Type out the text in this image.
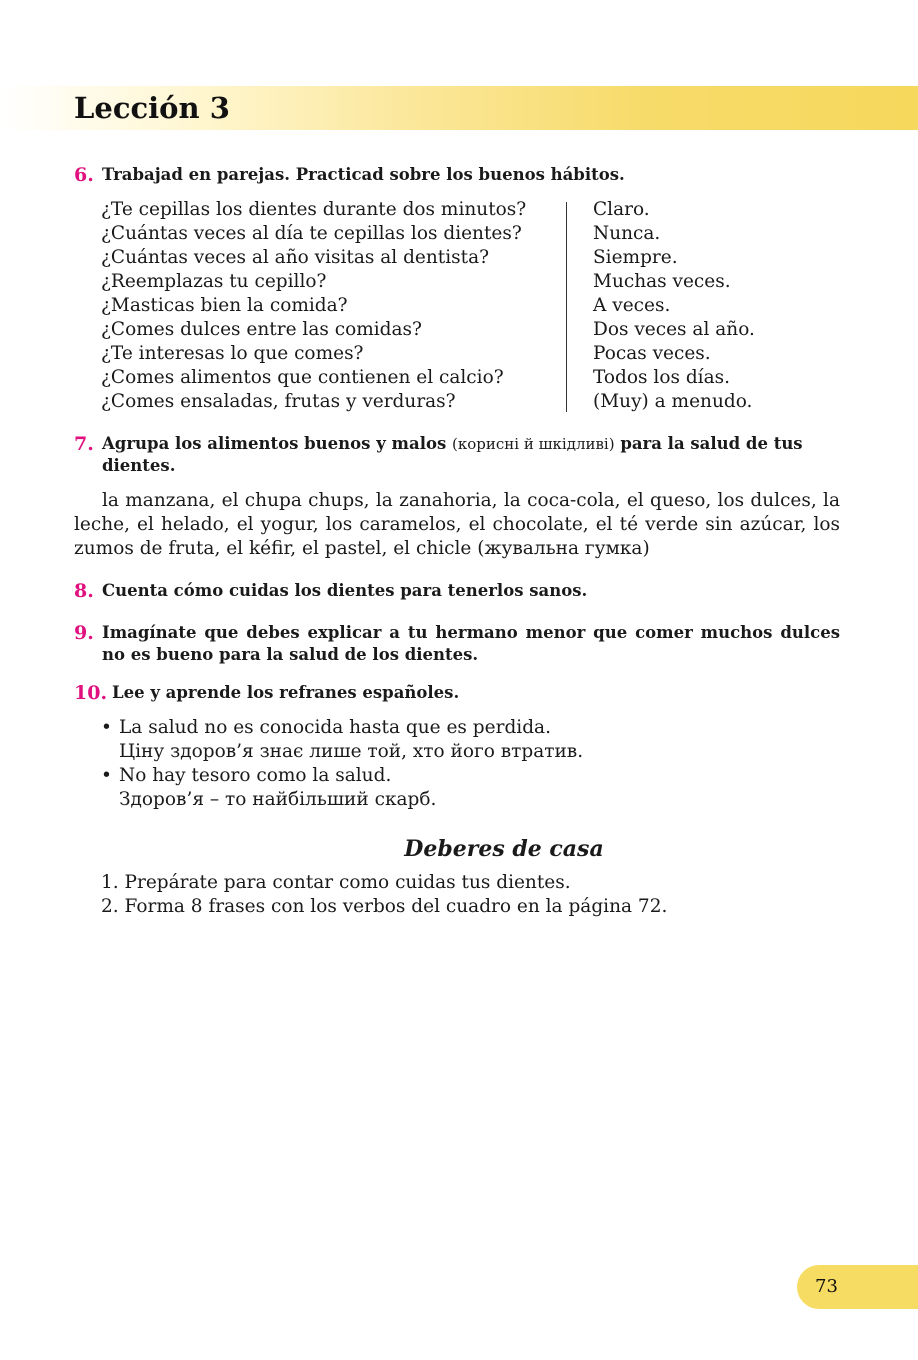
Lección 3
6. Trabajad en parejas. Practicad sobre los buenos hábitos.
¿Te cepillas los dientes durante dos minutos?
¿Cuántas veces al día te cepillas los dientes?
¿Cuántas veces al año visitas al dentista?
¿Reemplazas tu cepillo?
¿Masticas bien la comida?
¿Comes dulces entre las comidas?
¿Te interesas lo que comes?
¿Comes alimentos que contienen el calcio?
¿Comes ensaladas, frutas y verduras?
Claro.
Nunca.
Siempre.
Muchas veces.
A veces.
Dos veces al año.
Pocas veces.
Todos los días.
(Muy) a menudo.
7. Agrupa los alimentos buenos y malos (корисні й шкідливі) para la salud de tus dientes.
la manzana, el chupa chups, la zanahoria, la coca-cola, el queso, los dulces, la leche, el helado, el yogur, los caramelos, el chocolate, el té verde sin azúcar, los zumos de fruta, el kéfir, el pastel, el chicle (жувальна гумка)
8. Cuenta cómo cuidas los dientes para tenerlos sanos.
9. Imagínate que debes explicar a tu hermano menor que comer muchos dulces no es bueno para la salud de los dientes.
10. Lee y aprende los refranes españoles.
• La salud no es conocida hasta que es perdida.
Ціну здоров’я знає лише той, хто його втратив.
• No hay tesoro como la salud.
Здоров’я – то найбільший скарб.
Deberes de casa
1. Prepárate para contar como cuidas tus dientes.
2. Forma 8 frases con los verbos del cuadro en la página 72.
73
